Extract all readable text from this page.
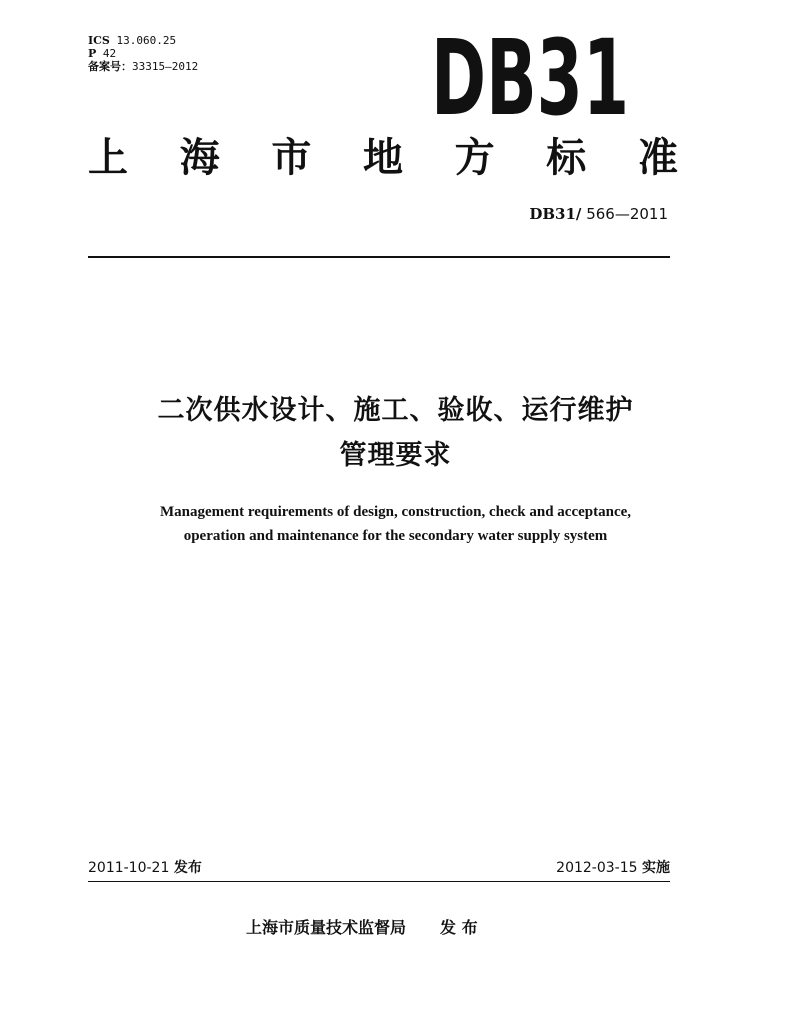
ICS 13.060.25
P 42
备案号：33315—2012 DB31
上 海 市 地 方 标 准
DB31/ 566—2011
二次供水设计、施工、验收、运行维护
管理要求
Management requirements of design, construction, check and acceptance,
operation and maintenance for the secondary water supply system
2011-10-21 发布	2012-03-15 实施
上海市质量技术监督局 发 布
